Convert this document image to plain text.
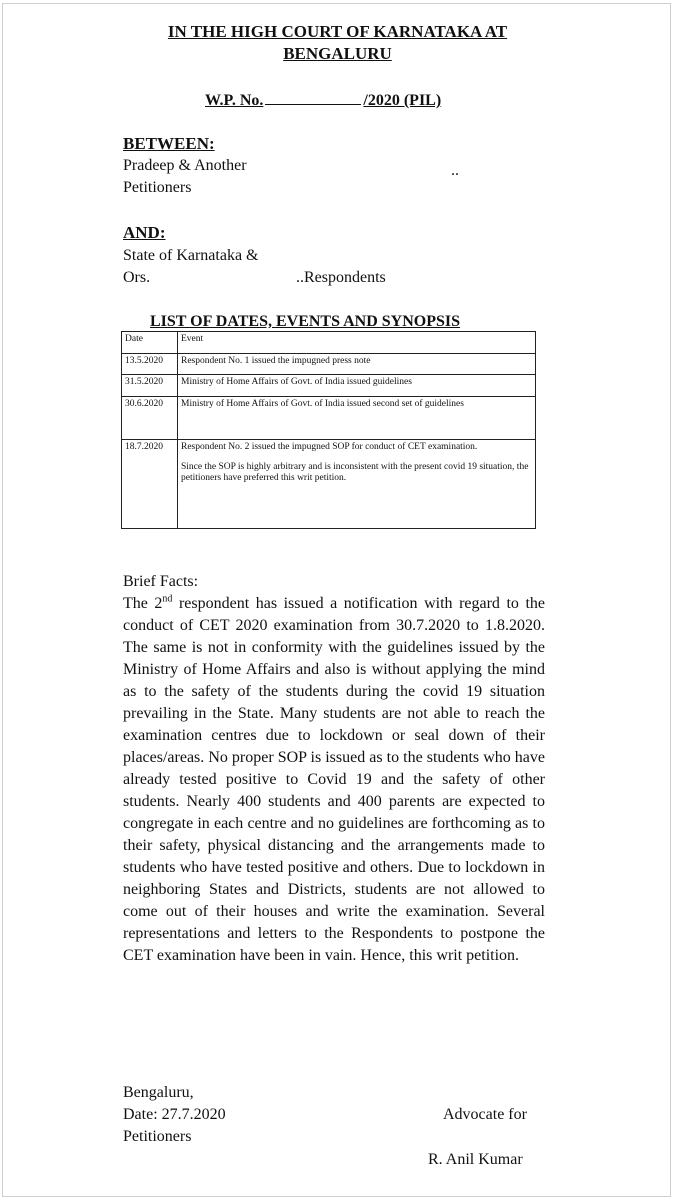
IN THE HIGH COURT OF KARNATAKA AT
BENGALURU
W.P. No.	/2020 (PIL)
BETWEEN:
Pradeep & Another
Petitioners
..
AND:
State of Karnataka &
Ors.	..Respondents
LIST OF DATES, EVENTS AND SYNOPSIS
Date	Event
13.5.2020	Respondent No. 1 issued the impugned press note
31.5.2020	Ministry of Home Affairs of Govt. of India issued guidelines
30.6.2020	Ministry of Home Affairs of Govt. of India issued second set of guidelines
18.7.2020	Respondent No. 2 issued the impugned SOP for conduct of CET examination.
Since the SOP is highly arbitrary and is inconsistent with the present covid 19 situation, the petitioners have preferred this writ petition.

Brief Facts:

The 2nd respondent has issued a notification with regard to the conduct of CET 2020 examination from 30.7.2020 to 1.8.2020. The same is not in conformity with the guidelines issued by the Ministry of Home Affairs and also is without applying the mind as to the safety of the students during the covid 19 situation prevailing in the State. Many students are not able to reach the examination centres due to lockdown or seal down of their places/areas. No proper SOP is issued as to the students who have already tested positive to Covid 19 and the safety of other students. Nearly 400 students and 400 parents are expected to congregate in each centre and no guidelines are forthcoming as to their safety, physical distancing and the arrangements made to students who have tested positive and others. Due to lockdown in neighboring States and Districts, students are not allowed to come out of their houses and write the examination. Several representations and letters to the Respondents to postpone the CET examination have been in vain. Hence, this writ petition.

Bengaluru,
Date: 27.7.2020
Petitioners
Advocate for
R. Anil Kumar
